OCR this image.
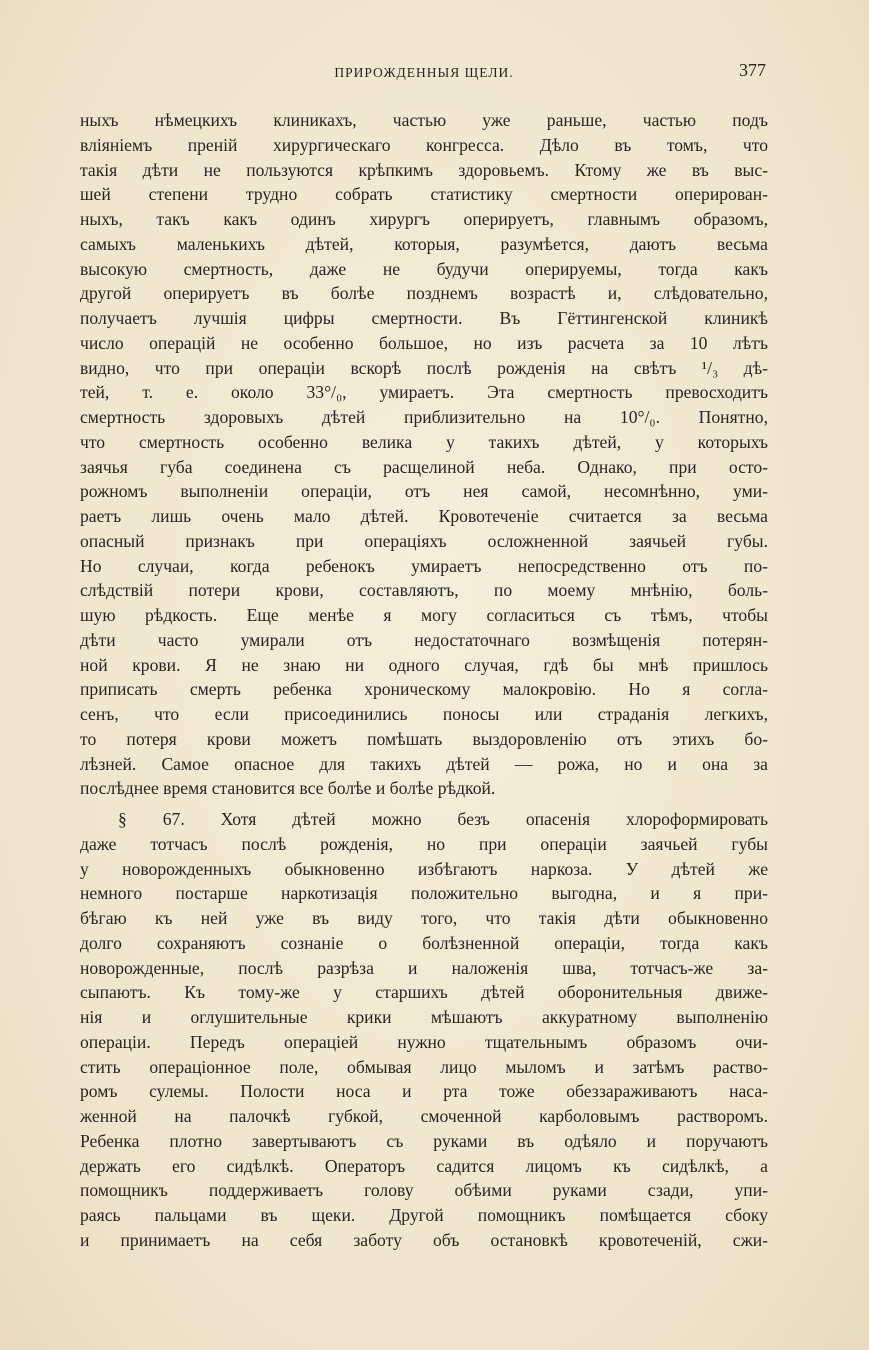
ПРИРОЖДЕННЫЯ ЩЕЛИ.	377
ныхъ нѣмецкихъ клиникахъ, частью уже раньше, частью подъ
вліяніемъ преній хирургическаго конгресса. Дѣло въ томъ, что
такія дѣти не пользуются крѣпкимъ здоровьемъ. Ктому же въ выс-
шей степени трудно собрать статистику смертности оперирован-
ныхъ, такъ какъ одинъ хирургъ оперируетъ, главнымъ образомъ,
самыхъ маленькихъ дѣтей, которыя, разумѣется, даютъ весьма
высокую смертность, даже не будучи оперируемы, тогда какъ
другой оперируетъ въ болѣе позднемъ возрастѣ и, слѣдовательно,
получаетъ лучшія цифры смертности. Въ Гёттингенской клиникѣ
число операцій не особенно большое, но изъ расчета за 10 лѣтъ
видно, что при операціи вскорѣ послѣ рожденія на свѣтъ ¹/₃ дѣ-
тей, т. е. около 33°/₀, умираетъ. Эта смертность превосходитъ
смертность здоровыхъ дѣтей приблизительно на 10°/₀. Понятно,
что смертность особенно велика у такихъ дѣтей, у которыхъ
заячья губа соединена съ расщелиной неба. Однако, при осто-
рожномъ выполненіи операціи, отъ нея самой, несомнѣнно, уми-
раетъ лишь очень мало дѣтей. Кровотеченіе считается за весьма
опасный признакъ при операціяхъ осложненной заячьей губы.
Но случаи, когда ребенокъ умираетъ непосредственно отъ по-
слѣдствій потери крови, составляютъ, по моему мнѣнію, боль-
шую рѣдкость. Еще менѣе я могу согласиться съ тѣмъ, чтобы
дѣти часто умирали отъ недостаточнаго возмѣщенія потерян-
ной крови. Я не знаю ни одного случая, гдѣ бы мнѣ пришлось
приписать смерть ребенка хроническому малокровію. Но я согла-
сенъ, что если присоединились поносы или страданія легкихъ,
то потеря крови можетъ помѣшать выздоровленію отъ этихъ бо-
лѣзней. Самое опасное для такихъ дѣтей — рожа, но и она за
послѣднее время становится все болѣе и болѣе рѣдкой.
§ 67. Хотя дѣтей можно безъ опасенія хлороформировать
даже тотчасъ послѣ рожденія, но при операціи заячьей губы
у новорожденныхъ обыкновенно избѣгаютъ наркоза. У дѣтей же
немного постарше наркотизація положительно выгодна, и я при-
бѣгаю къ ней уже въ виду того, что такія дѣти обыкновенно
долго сохраняютъ сознаніе о болѣзненной операціи, тогда какъ
новорожденные, послѣ разрѣза и наложенія шва, тотчасъ-же за-
сыпаютъ. Къ тому-же у старшихъ дѣтей оборонительныя движе-
нія и оглушительные крики мѣшаютъ аккуратному выполненію
операціи. Передъ операціей нужно тщательнымъ образомъ очи-
стить операціонное поле, обмывая лицо мыломъ и затѣмъ раство-
ромъ сулемы. Полости носа и рта тоже обеззараживаютъ наса-
женной на палочкѣ губкой, смоченной карболовымъ растворомъ.
Ребенка плотно завертываютъ съ руками въ одѣяло и поручаютъ
держать его сидѣлкѣ. Операторъ садится лицомъ къ сидѣлкѣ, а
помощникъ поддерживаетъ голову обѣими руками сзади, упи-
раясь пальцами въ щеки. Другой помощникъ помѣщается сбоку
и принимаетъ на себя заботу объ остановкѣ кровотеченій, сжи-
